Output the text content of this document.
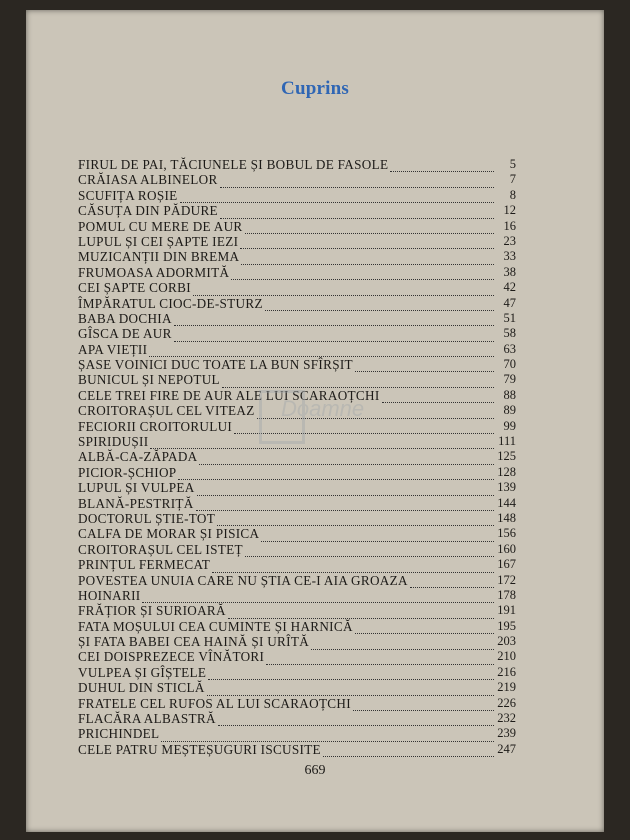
Cuprins
FIRUL DE PAI, TĂCIUNELE ȘI BOBUL DE FASOLE	5
CRĂIASA ALBINELOR	7
SCUFIȚA ROȘIE	8
CĂSUȚA DIN PĂDURE	12
POMUL CU MERE DE AUR	16
LUPUL ȘI CEI ȘAPTE IEZI	23
MUZICANȚII DIN BREMA	33
FRUMOASA ADORMITĂ	38
CEI ȘAPTE CORBI	42
ÎMPĂRATUL CIOC-DE-STURZ	47
BABA DOCHIA	51
GÎSCA DE AUR	58
APA VIEȚII	63
ȘASE VOINICI DUC TOATE LA BUN SFÎRȘIT	70
BUNICUL ȘI NEPOTUL	79
CELE TREI FIRE DE AUR ALE LUI SCARAOȚCHI	88
CROITORAȘUL CEL VITEAZ	89
FECIORII CROITORULUI	99
SPIRIDUȘII	111
ALBĂ-CA-ZĂPADA	125
PICIOR-ȘCHIOP	128
LUPUL ȘI VULPEA	139
BLANĂ-PESTRIȚĂ	144
DOCTORUL ȘTIE-TOT	148
CALFA DE MORAR ȘI PISICA	156
CROITORAȘUL CEL ISTEȚ	160
PRINȚUL FERMECAT	167
POVESTEA UNUIA CARE NU ȘTIA CE-I AIA GROAZA	172
HOINARII	178
FRĂȚIOR ȘI SURIOARĂ	191
FATA MOȘULUI CEA CUMINTE ȘI HARNICĂ	195
ȘI FATA BABEI CEA HAINĂ ȘI URÎTĂ	203
CEI DOISPREZECE VÎNĂTORI	210
VULPEA ȘI GÎȘTELE	216
DUHUL DIN STICLĂ	219
FRATELE CEL RUFOS AL LUI SCARAOȚCHI	226
FLACĂRA ALBASTRĂ	232
PRICHINDEL	239
CELE PATRU MEȘTEȘUGURI ISCUSITE	247
Doamne
669
